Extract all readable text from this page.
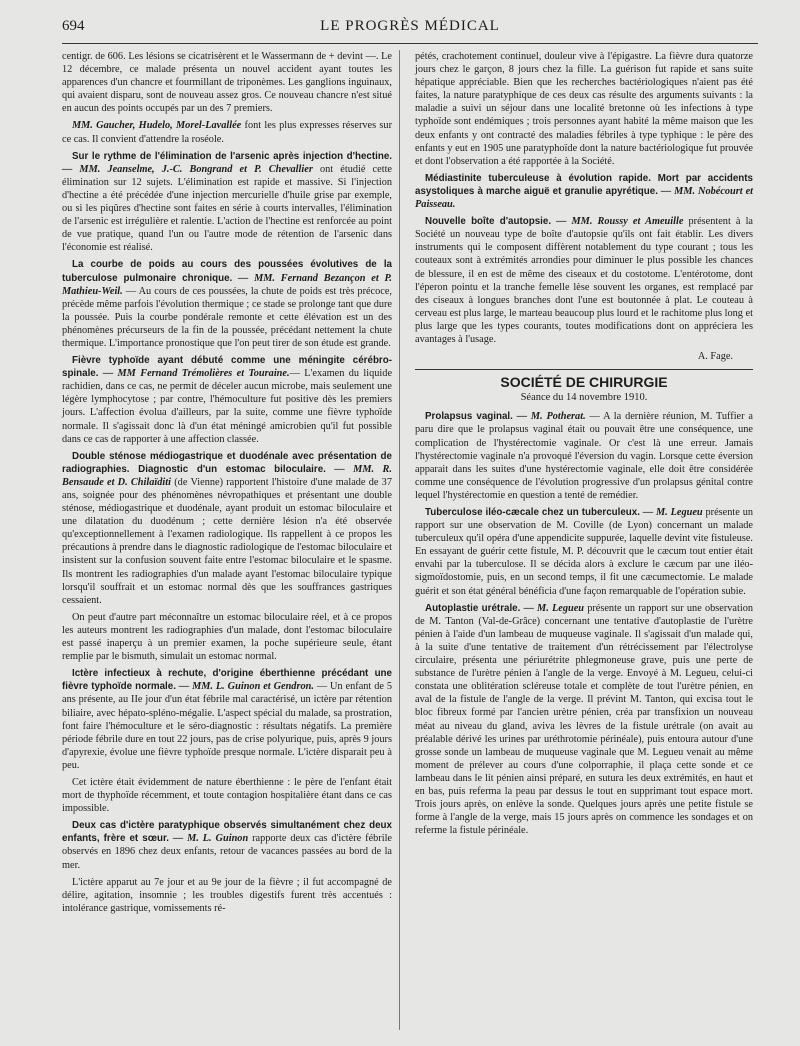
694	LE PROGRÈS MÉDICAL

centigr. de 606. Les lésions se cicatrisèrent et le Wassermann de + devint —. Le 12 décembre, ce malade présenta un nouvel accident ayant toutes les apparences d'un chancre et fourmillant de triponèmes. Les ganglions inguinaux, qui avaient disparu, sont de nouveau assez gros. Ce nouveau chancre n'est situé en aucun des points occupés par un des 7 premiers.

MM. Gaucher, Hudelo, Morel-Lavallée font les plus expresses réserves sur ce cas. Il convient d'attendre la roséole.

Sur le rythme de l'élimination de l'arsenic après injection d'hectine. — MM. Jeanselme, J.-C. Bongrand et P. Chevallier ont étudié cette élimination sur 12 sujets. L'élimination est rapide et massive. Si l'injection d'hectine a été précédée d'une injection mercurielle d'huile grise par exemple, ou si les piqûres d'hectine sont faites en série à courts intervalles, l'élimination de l'arsenic est irrégulière et ralentie. L'action de l'hectine est renforcée au point de vue pratique, quand l'un ou l'autre mode de rétention de l'arsenic dans l'économie est réalisé.

La courbe de poids au cours des poussées évolutives de la tuberculose pulmonaire chronique. — MM. Fernand Bezançon et P. Mathieu-Weil. — Au cours de ces poussées, la chute de poids est très précoce, précède même parfois l'évolution thermique ; ce stade se prolonge tant que dure la poussée. Puis la courbe pondérale remonte et cette élévation est un des phénomènes précurseurs de la fin de la poussée, précédant nettement la chute thermique. L'importance pronostique que l'on peut tirer de son étude est grande.

Fièvre typhoïde ayant débuté comme une méningite cérébro-spinale. — MM Fernand Trémolières et Touraine.— L'examen du liquide rachidien, dans ce cas, ne permit de déceler aucun microbe, mais seulement une légère lymphocytose ; par contre, l'hémoculture fut positive dès les premiers jours. L'affection évolua d'ailleurs, par la suite, comme une fièvre typhoïde normale. Il s'agissait donc là d'un état méningé amicrobien qu'il fut possible dans ce cas de rapporter à une affection classée.

Double sténose médiogastrique et duodénale avec présentation de radiographies. Diagnostic d'un estomac biloculaire. — MM. R. Bensaude et D. Chilaïditi (de Vienne) rapportent l'histoire d'une malade de 37 ans, soignée pour des phénomènes névropathiques et présentant une double sténose, médiogastrique et duodénale, ayant produit un estomac biloculaire et une dilatation du duodénum ; cette dernière lésion n'a été observée qu'exceptionnellement à l'examen radiologique. Ils rappellent à ce propos les précautions à prendre dans le diagnostic radiologique de l'estomac biloculaire et insistent sur la confusion souvent faite entre l'estomac biloculaire et le spasme. Ils montrent les radiographies d'un malade ayant l'estomac biloculaire typique lorsqu'il souffrait et un estomac normal dès que les souffrances gastriques cessaient.

On peut d'autre part méconnaître un estomac biloculaire réel, et à ce propos les auteurs montrent les radiographies d'un malade, dont l'estomac biloculaire est passé inaperçu à un premier examen, la poche supérieure seule, étant remplie par le bismuth, simulait un estomac normal.

Ictère infectieux à rechute, d'origine éberthienne précédant une fièvre typhoïde normale. — MM. L. Guinon et Gendron. — Un enfant de 5 ans présente, au IIe jour d'un état fébrile mal caractérisé, un ictère par rétention biliaire, avec hépato-spléno-mégalie. L'aspect spécial du malade, sa prostration, font faire l'hémoculture et le séro-diagnostic : résultats négatifs. La première période fébrile dure en tout 22 jours, pas de crise polyurique, puis, après 9 jours d'apyrexie, évolue une fièvre typhoïde presque normale. L'ictère disparait peu à peu.

Cet ictère était évidemment de nature éberthienne : le père de l'enfant était mort de thyphoïde récemment, et toute contagion hospitalière étant dans ce cas impossible.

Deux cas d'ictère paratyphique observés simultanément chez deux enfants, frère et sœur. — M. L. Guinon rapporte deux cas d'ictère fébrile observés en 1896 chez deux enfants, retour de vacances passées au bord de la mer.

L'ictère apparut au 7e jour et au 9e jour de la fièvre ; il fut accompagné de délire, agitation, insomnie ; les troubles digestifs furent très accentués : intolérance gastrique, vomissements ré-

pétés, crachotement continuel, douleur vive à l'épigastre. La fièvre dura quatorze jours chez le garçon, 8 jours chez la fille. La guérison fut rapide et sans suite hépatique appréciable. Bien que les recherches bactériologiques n'aient pas été faites, la nature paratyphique de ces deux cas résulte des arguments suivants : la maladie a suivi un séjour dans une localité bretonne où les infections à type typhoïde sont endémiques ; trois personnes ayant habité la même maison que les deux enfants y ont contracté des maladies fébriles à type typhique : le père des enfants y eut en 1905 une paratyphoïde dont la nature bactériologique fut prouvée et dont l'observation a été rapportée à la Société.

Médiastinite tuberculeuse à évolution rapide. Mort par accidents asystoliques à marche aiguë et granulie apyrétique. — MM. Nobécourt et Paisseau.

Nouvelle boîte d'autopsie. — MM. Roussy et Ameuille présentent à la Société un nouveau type de boîte d'autopsie qu'ils ont fait établir. Les divers instruments qui le composent diffèrent notablement du type courant ; tous les couteaux sont à extrémités arrondies pour diminuer le plus possible les chances de blessure, il en est de même des ciseaux et du costotome. L'entérotome, dont l'éperon pointu et la tranche femelle lèse souvent les organes, est remplacé par des ciseaux à longues branches dont l'une est boutonnée à plat. Le couteau à cerveau est plus large, le marteau beaucoup plus lourd et le rachitome plus long et plus large que les types courants, toutes modifications dont on appréciera les avantages à l'usage.

A. Fage.

SOCIÉTÉ DE CHIRURGIE

Séance du 14 novembre 1910.

Prolapsus vaginal. — M. Potherat. — A la dernière réunion, M. Tuffier a paru dire que le prolapsus vaginal était ou pouvait être une conséquence, une complication de l'hystérectomie vaginale. Or c'est là une erreur. Jamais l'hystérectomie vaginale n'a provoqué l'éversion du vagin. Lorsque cette éversion apparait dans les suites d'une hystérectomie vaginale, elle doit être considérée comme une conséquence de l'évolution progressive d'un prolapsus génital contre lequel l'hystérectomie en question a tenté de remédier.

Tuberculose iléo-cæcale chez un tuberculeux. — M. Legueu présente un rapport sur une observation de M. Coville (de Lyon) concernant un malade tuberculeux qu'il opéra d'une appendicite suppurée, laquelle devint vite fistuleuse. En essayant de guérir cette fistule, M. P. découvrit que le cæcum tout entier était envahi par la tuberculose. Il se décida alors à exclure le cæcum par une iléo-sigmoïdostomie, puis, en un second temps, il fit une cæcumectomie. Le malade guérit et son état général bénéficia d'une façon remarquable de l'opération subie.

Autoplastie urétrale. — M. Legueu présente un rapport sur une observation de M. Tanton (Val-de-Grâce) concernant une tentative d'autoplastie de l'urètre pénien à l'aide d'un lambeau de muqueuse vaginale. Il s'agissait d'un malade qui, à la suite d'une tentative de traitement d'un rétrécissement par l'électrolyse circulaire, présenta une périurétrite phlegmoneuse grave, puis une perte de substance de l'urètre pénien à l'angle de la verge. Envoyé à M. Legueu, celui-ci constata une oblitération scléreuse totale et complète de tout l'urètre pénien, en aval de la fistule de l'angle de la verge. Il prévint M. Tanton, qui excisa tout le bloc fibreux formé par l'ancien urètre pénien, créa par transfixion un nouveau méat au niveau du gland, aviva les lèvres de la fistule urétrale (on avait au préalable dérivé les urines par uréthrotomie périnéale), puis entoura autour d'une grosse sonde un lambeau de muqueuse vaginale que M. Legueu venait au même moment de prélever au cours d'une colporraphie, il plaça cette sonde et ce lambeau dans le lit pénien ainsi préparé, en sutura les deux extrémités, en haut et en bas, puis referma la peau par dessus le tout en supprimant tout espace mort. Trois jours après, on enlève la sonde. Quelques jours après une petite fistule se forme à l'angle de la verge, mais 15 jours après on commence les sondages et on referme la fistule périnéale.
